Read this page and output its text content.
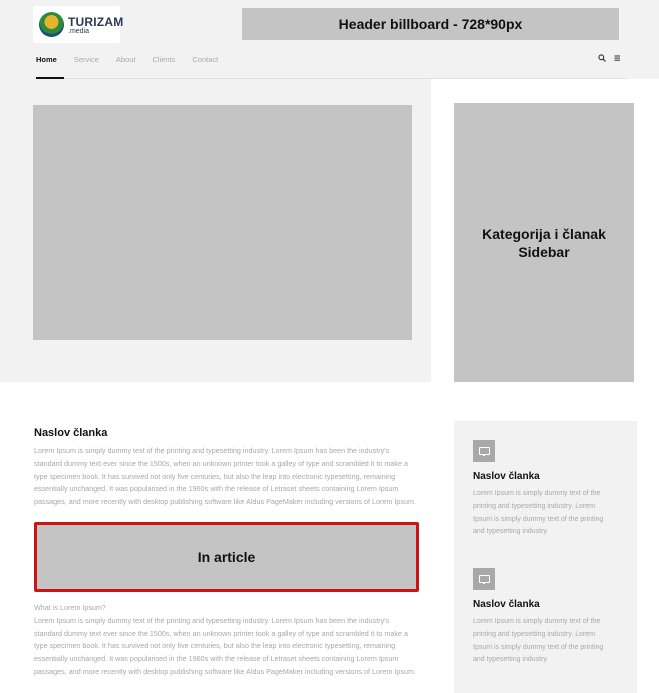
TURIZAM
.media	Header billboard - 728*90px
Home Service About Clients Contact
Kategorija i članak
Sidebar
Naslov članka
Lorem Ipsum is simply dummy text of the printing and typesetting industry. Lorem Ipsum has been the industry's standard dummy text ever since the 1500s, when an unknown printer took a galley of type and scrambled it to make a type specimen book. It has survived not only five centuries, but also the leap into electronic typesetting, remaining essentially unchanged. It was popularised in the 1960s with the release of Letraset sheets containing Lorem Ipsum passages, and more recently with desktop publishing software like Aldus PageMaker including versions of Lorem Ipsum.
In article
What is Lorem Ipsum?
Lorem Ipsum is simply dummy text of the printing and typesetting industry. Lorem Ipsum has been the industry's standard dummy text ever since the 1500s, when an unknown printer took a galley of type and scrambled it to make a type specimen book. It has survived not only five centuries, but also the leap into electronic typesetting, remaining essentially unchanged. It was popularised in the 1960s with the release of Letraset sheets containing Lorem Ipsum passages, and more recently with desktop publishing software like Aldus PageMaker including versions of Lorem Ipsum.
Naslov članka
Lorem Ipsum is simply dummy text of the printing and typesetting industry. Lorem Ipsum is simply dummy text of the printing and typesetting industry.
Naslov članka
Lorem Ipsum is simply dummy text of the printing and typesetting industry. Lorem Ipsum is simply dummy text of the printing and typesetting industry.
